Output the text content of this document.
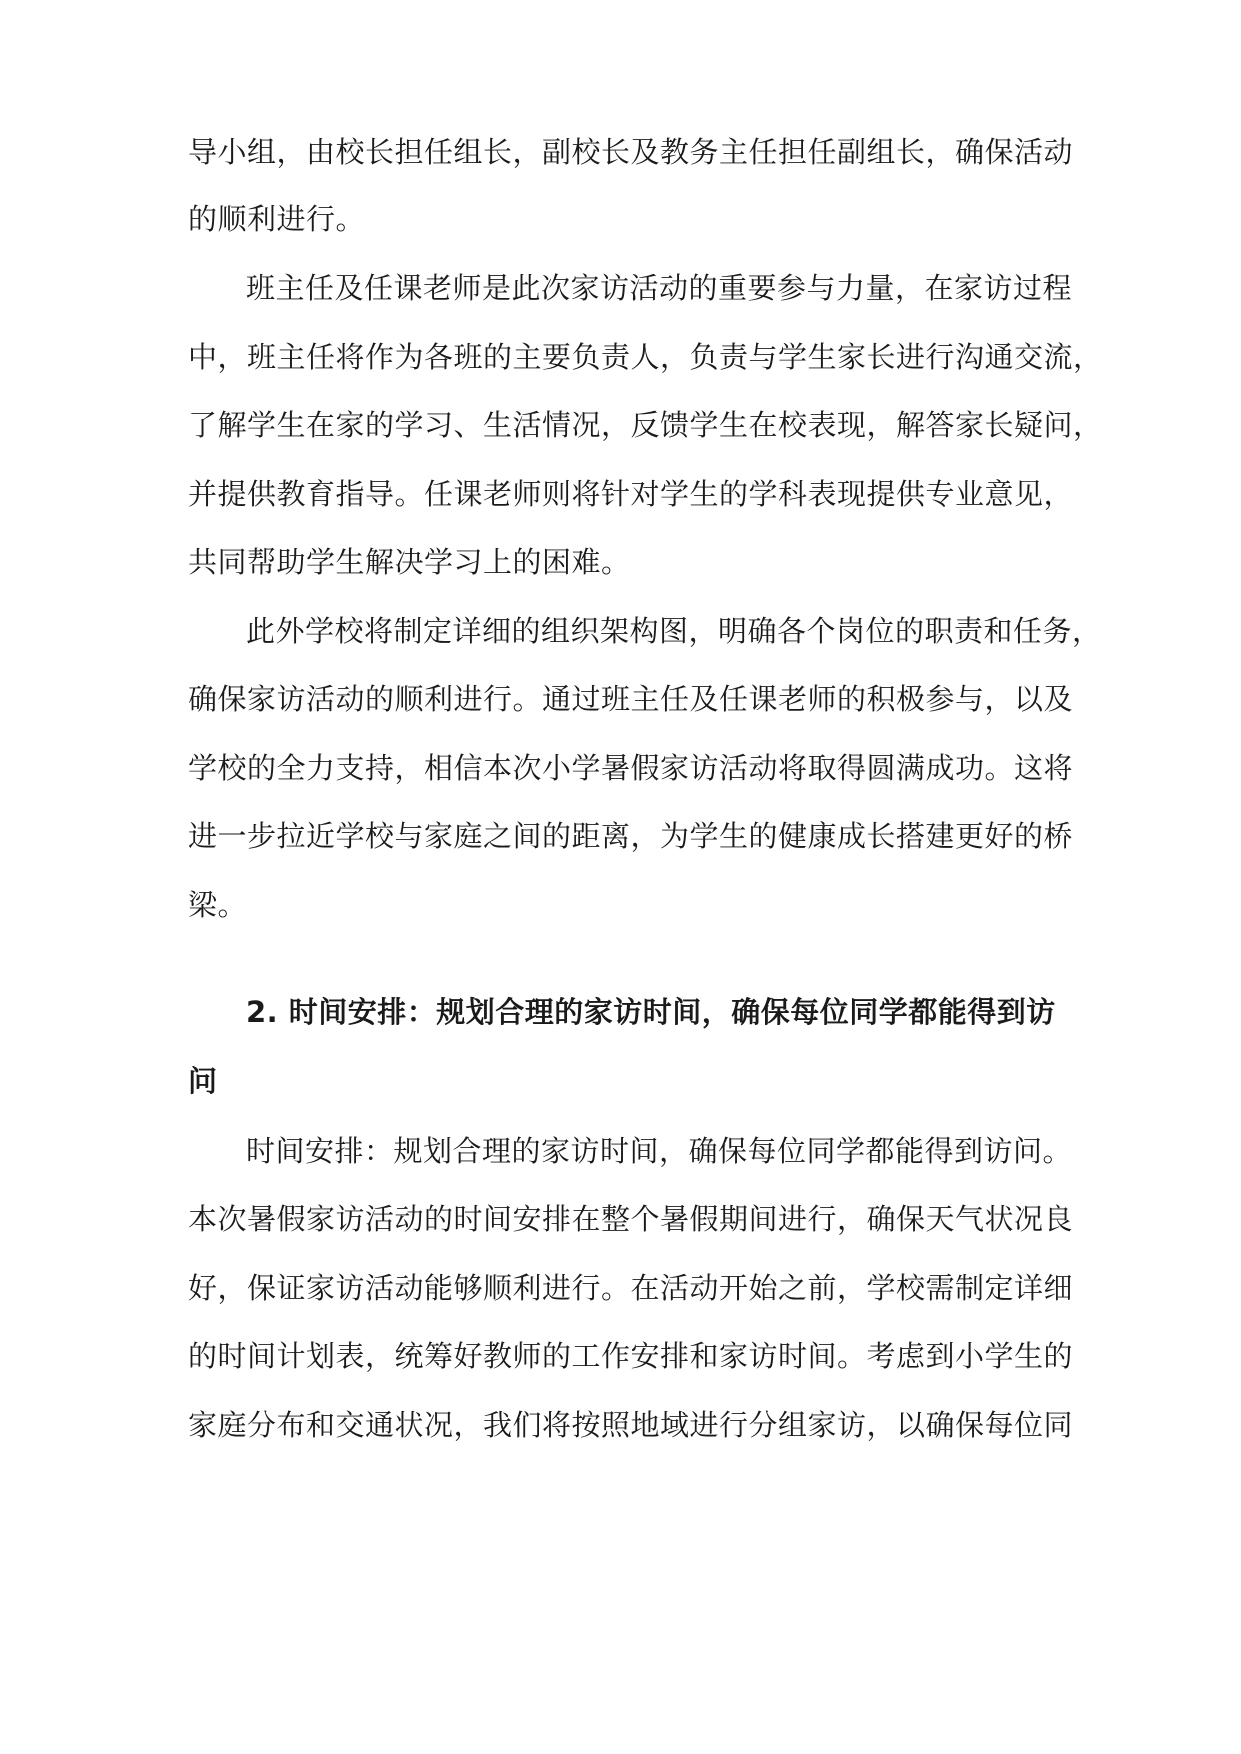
导小组，由校长担任组长，副校长及教务主任担任副组长，确保活动
的顺利进行。
班主任及任课老师是此次家访活动的重要参与力量，在家访过程
中，班主任将作为各班的主要负责人，负责与学生家长进行沟通交流，
了解学生在家的学习、生活情况，反馈学生在校表现，解答家长疑问，
并提供教育指导。任课老师则将针对学生的学科表现提供专业意见，
共同帮助学生解决学习上的困难。
此外学校将制定详细的组织架构图，明确各个岗位的职责和任务，
确保家访活动的顺利进行。通过班主任及任课老师的积极参与，以及
学校的全力支持，相信本次小学暑假家访活动将取得圆满成功。这将
进一步拉近学校与家庭之间的距离，为学生的健康成长搭建更好的桥
梁。
2. 时间安排：规划合理的家访时间，确保每位同学都能得到访
问
时间安排：规划合理的家访时间，确保每位同学都能得到访问。
本次暑假家访活动的时间安排在整个暑假期间进行，确保天气状况良
好，保证家访活动能够顺利进行。在活动开始之前，学校需制定详细
的时间计划表，统筹好教师的工作安排和家访时间。考虑到小学生的
家庭分布和交通状况，我们将按照地域进行分组家访，以确保每位同
